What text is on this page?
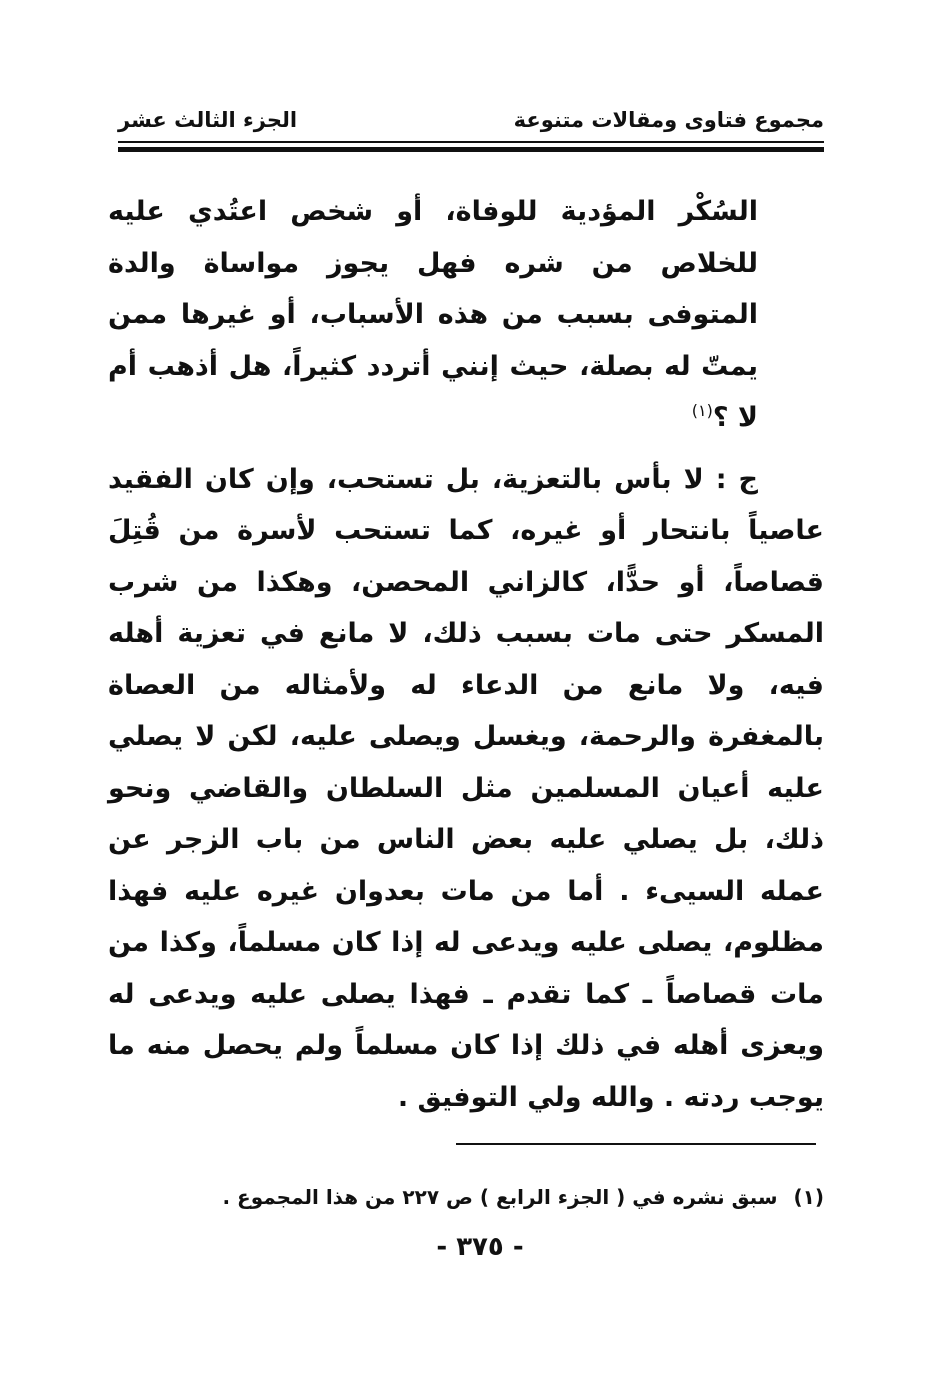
مجموع فتاوى ومقالات متنوعة
الجزء الثالث عشر

السُكْر المؤدية للوفاة، أو شخص اعتُدي عليه للخلاص من شره فهل يجوز مواساة والدة المتوفى بسبب من هذه الأسباب، أو غيرها ممن يمتّ له بصلة، حيث إنني أتردد كثيراً، هل أذهب أم لا ؟$^{(١)}$

ج : لا بأس بالتعزية، بل تستحب، وإن كان الفقيد عاصياً بانتحار أو غيره، كما تستحب لأسرة من قُتِلَ قصاصاً، أو حدًّا، كالزاني المحصن، وهكذا من شرب المسكر حتى مات بسبب ذلك، لا مانع في تعزية أهله فيه، ولا مانع من الدعاء له ولأمثاله من العصاة بالمغفرة والرحمة، ويغسل ويصلى عليه، لكن لا يصلي عليه أعيان المسلمين مثل السلطان والقاضي ونحو ذلك، بل يصلي عليه بعض الناس من باب الزجر عن عمله السيىء . أما من مات بعدوان غيره عليه فهذا مظلوم، يصلى عليه ويدعى له إذا كان مسلماً، وكذا من مات قصاصاً ـ كما تقدم ـ فهذا يصلى عليه ويدعى له ويعزى أهله في ذلك إذا كان مسلماً ولم يحصل منه ما يوجب ردته . والله ولي التوفيق .

(١)سبق نشره في ( الجزء الرابع ) ص ٢٢٧ من هذا المجموع .
- ٣٧٥ -
